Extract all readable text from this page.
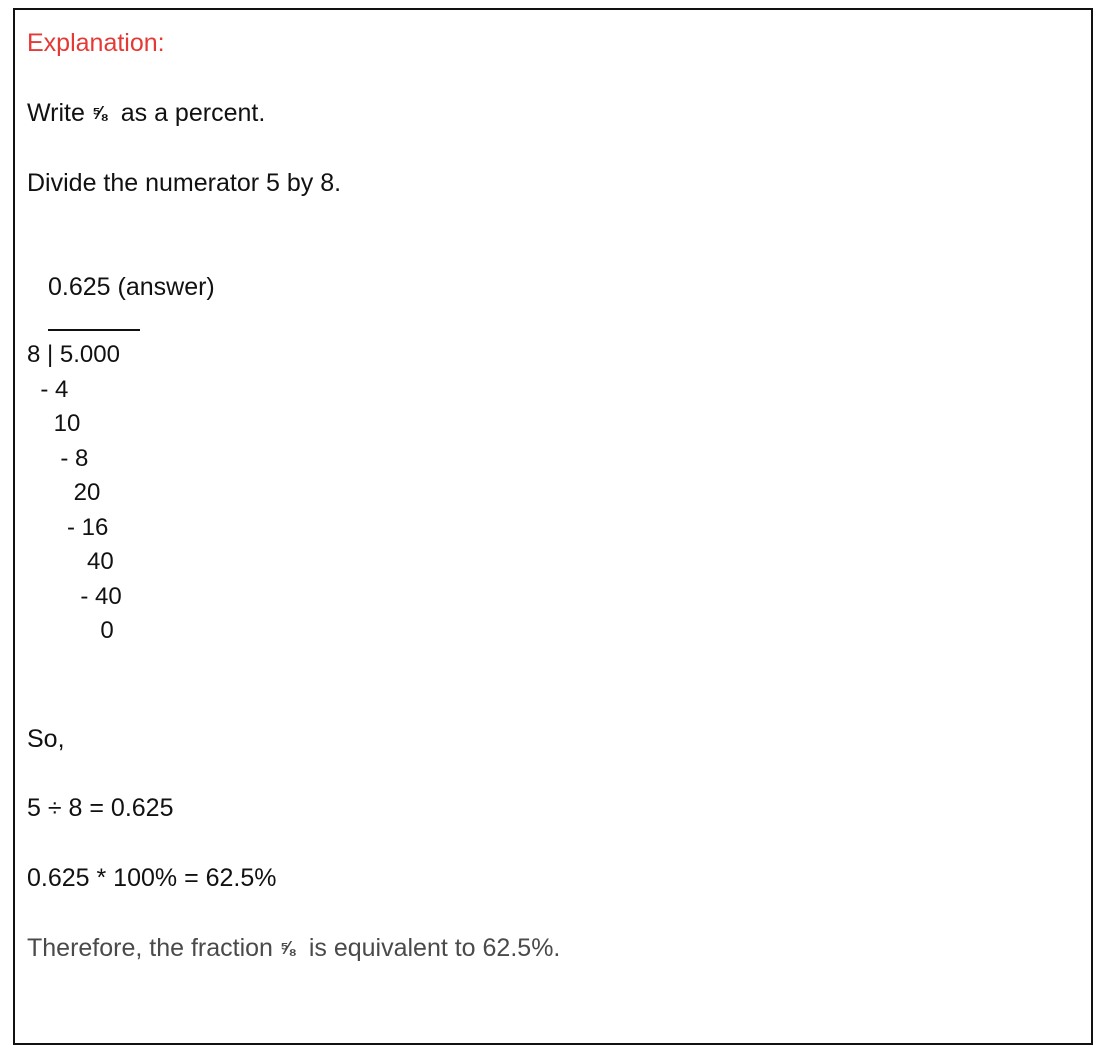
Explanation:
Write ⅝  as a percent.
Divide the numerator 5 by 8.
0.625 (answer)
8 | 5.000
- 4
10
- 8
20
- 16
40
- 40
0
So,
5 ÷ 8 = 0.625
0.625 * 100% = 62.5%
Therefore, the fraction ⅝  is equivalent to 62.5%.
